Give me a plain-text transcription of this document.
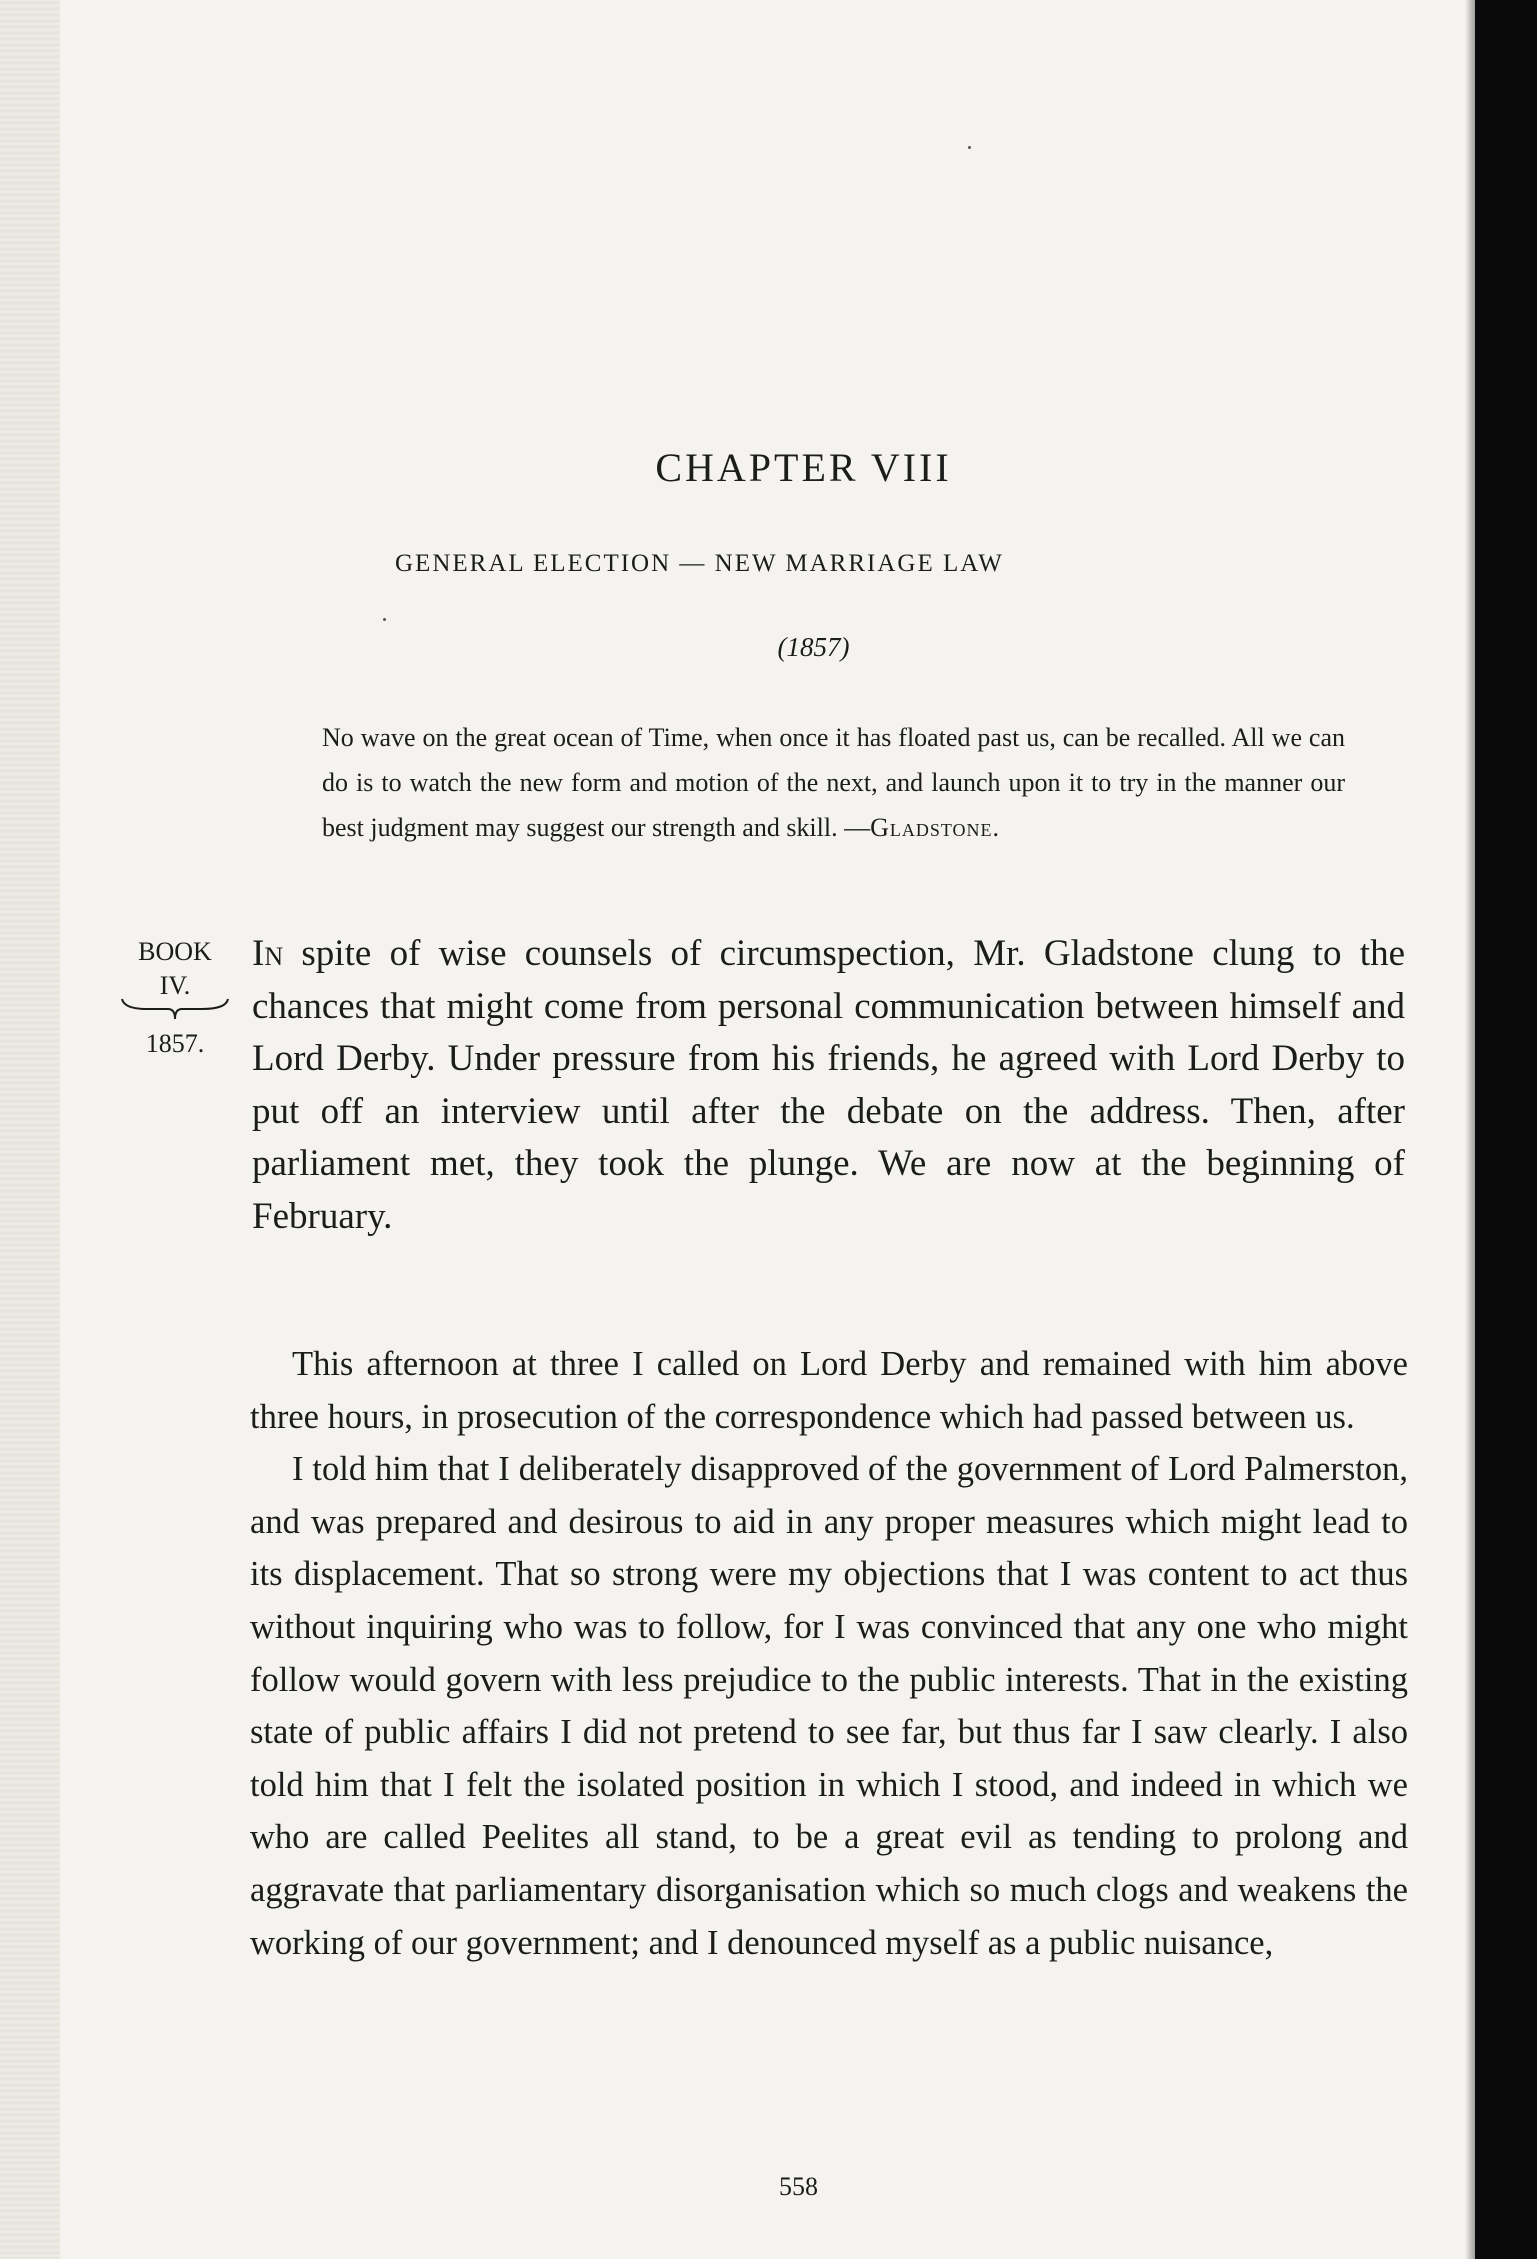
CHAPTER VIII
GENERAL ELECTION — NEW MARRIAGE LAW
(1857)
No wave on the great ocean of Time, when once it has floated past us, can be recalled. All we can do is to watch the new form and motion of the next, and launch upon it to try in the manner our best judgment may suggest our strength and skill. —Gladstone.
BOOK
IV.
1857.
In spite of wise counsels of circumspection, Mr. Gladstone clung to the chances that might come from personal communication between himself and Lord Derby. Under pressure from his friends, he agreed with Lord Derby to put off an interview until after the debate on the address. Then, after parliament met, they took the plunge. We are now at the beginning of February.

This afternoon at three I called on Lord Derby and remained with him above three hours, in prosecution of the correspondence which had passed between us.

I told him that I deliberately disapproved of the government of Lord Palmerston, and was prepared and desirous to aid in any proper measures which might lead to its displacement. That so strong were my objections that I was content to act thus without inquiring who was to follow, for I was convinced that any one who might follow would govern with less prejudice to the public interests. That in the existing state of public affairs I did not pretend to see far, but thus far I saw clearly. I also told him that I felt the isolated position in which I stood, and indeed in which we who are called Peelites all stand, to be a great evil as tending to prolong and aggravate that parliamentary disorganisation which so much clogs and weakens the working of our government; and I denounced myself as a public nuisance,

558
